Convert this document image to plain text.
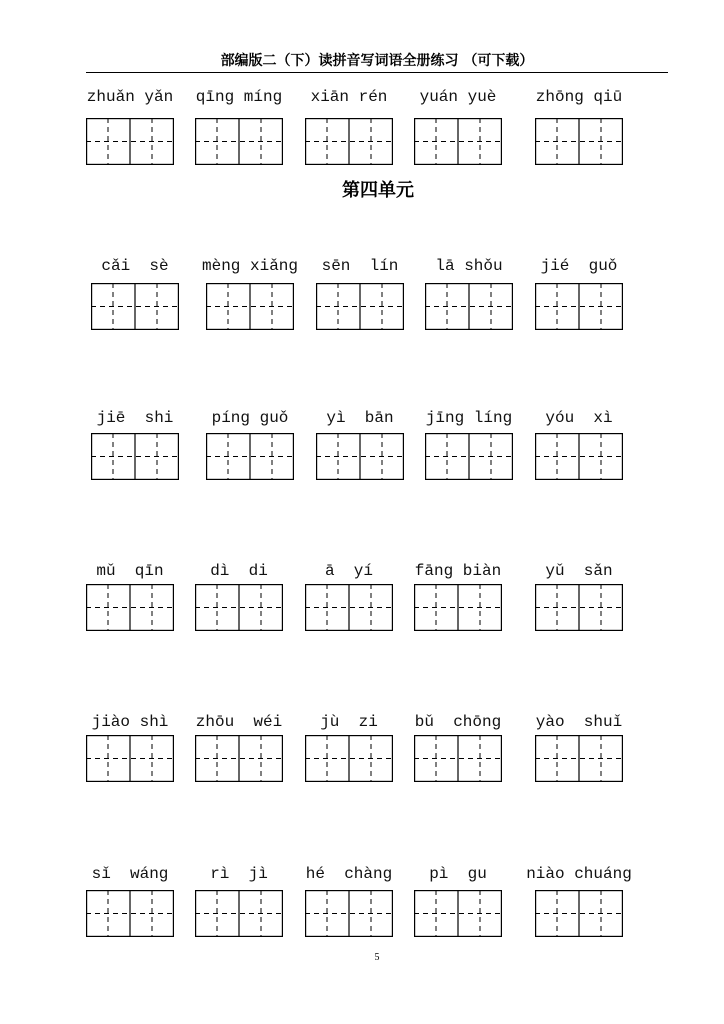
部编版二（下）读拼音写词语全册练习 （可下载）
第四单元
zhuǎn yǎn	qīng míng	xiān rén	yuán yuè	zhōng qiū
cǎi  sè	mèng xiǎng	sēn  lín	lā shǒu	jié  guǒ
jiē  shi	píng guǒ	yì  bān	jīng líng	yóu  xì
mǔ  qīn	dì  di	ā  yí	fāng biàn	yǔ  sǎn
jiào shì	zhōu  wéi	jù  zi	bǔ  chōng	yào  shuǐ
sǐ  wáng	rì  jì	hé  chàng	pì  gu	niào chuáng
5
